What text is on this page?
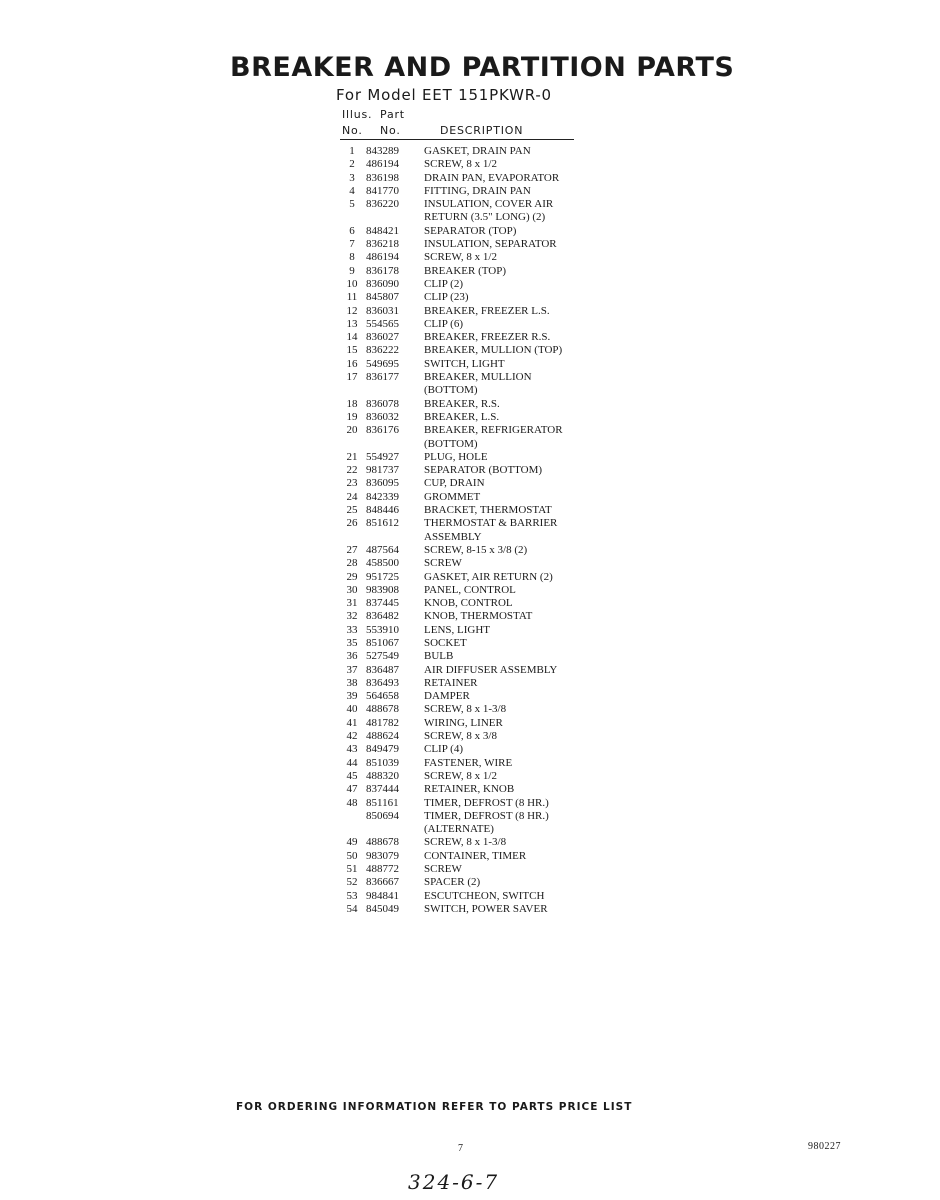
BREAKER AND PARTITION PARTS
For Model EET 151PKWR-0
Illus. Part
No. No.	DESCRIPTION
1	843289	GASKET, DRAIN PAN
2	486194	SCREW, 8 x 1/2
3	836198	DRAIN PAN, EVAPORATOR
4	841770	FITTING, DRAIN PAN
5	836220	INSULATION, COVER AIR
RETURN (3.5" LONG) (2)
6	848421	SEPARATOR (TOP)
7	836218	INSULATION, SEPARATOR
8	486194	SCREW, 8 x 1/2
9	836178	BREAKER (TOP)
10 836090	CLIP (2)
11 845807	CLIP (23)
12 836031	BREAKER, FREEZER L.S.
13 554565	CLIP (6)
14 836027	BREAKER, FREEZER R.S.
15 836222	BREAKER, MULLION (TOP)
16 549695	SWITCH, LIGHT
17 836177	BREAKER, MULLION
(BOTTOM)
18 836078	BREAKER, R.S.
19 836032	BREAKER, L.S.
20 836176	BREAKER, REFRIGERATOR
(BOTTOM)
21 554927	PLUG, HOLE
22 981737	SEPARATOR (BOTTOM)
23 836095	CUP, DRAIN
24 842339	GROMMET
25 848446	BRACKET, THERMOSTAT
26 851612	THERMOSTAT & BARRIER
ASSEMBLY
27 487564	SCREW, 8-15 x 3/8 (2)
28 458500	SCREW
29 951725	GASKET, AIR RETURN (2)
30 983908	PANEL, CONTROL
31 837445	KNOB, CONTROL
32 836482	KNOB, THERMOSTAT
33 553910	LENS, LIGHT
35 851067	SOCKET
36 527549	BULB
37 836487	AIR DIFFUSER ASSEMBLY
38 836493	RETAINER
39 564658	DAMPER
40 488678	SCREW, 8 x 1-3/8
41 481782	WIRING, LINER
42 488624	SCREW, 8 x 3/8
43 849479	CLIP (4)
44 851039	FASTENER, WIRE
45 488320	SCREW, 8 x 1/2
47 837444	RETAINER, KNOB
48 851161	TIMER, DEFROST (8 HR.)
850694	TIMER, DEFROST (8 HR.)
(ALTERNATE)
49 488678	SCREW, 8 x 1-3/8
50 983079	CONTAINER, TIMER
51 488772	SCREW
52 836667	SPACER (2)
53 984841	ESCUTCHEON, SWITCH
54 845049	SWITCH, POWER SAVER
FOR ORDERING INFORMATION REFER TO PARTS PRICE LIST
7	980227
324-6-7
